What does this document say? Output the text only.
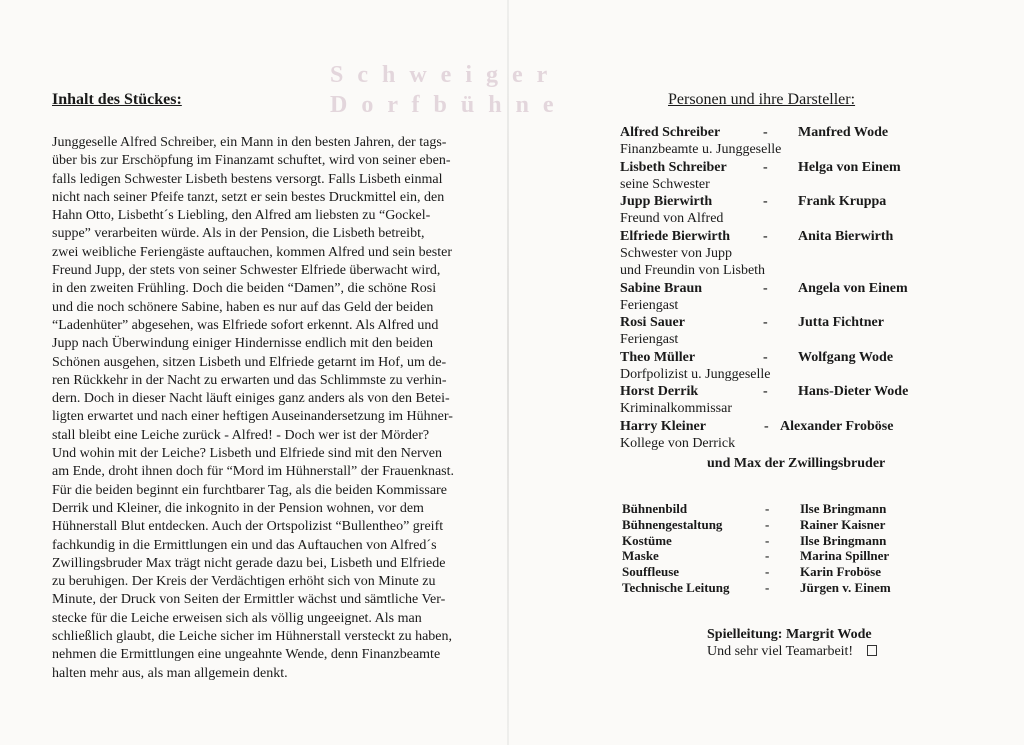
S c h w e i g e r
D o r f b ü h n e
Inhalt des Stückes:
Junggeselle Alfred Schreiber, ein Mann in den besten Jahren, der tags-
über bis zur Erschöpfung im Finanzamt schuftet, wird von seiner eben-
falls ledigen Schwester Lisbeth bestens versorgt. Falls Lisbeth einmal
nicht nach seiner Pfeife tanzt, setzt er sein bestes Druckmittel ein, den
Hahn Otto, Lisbetht´s Liebling, den Alfred am liebsten zu “Gockel-
suppe” verarbeiten würde. Als in der Pension, die Lisbeth betreibt,
zwei weibliche Feriengäste auftauchen, kommen Alfred und sein bester
Freund Jupp, der stets von seiner Schwester Elfriede überwacht wird,
in den zweiten Frühling. Doch die beiden “Damen”, die schöne Rosi
und die noch schönere Sabine, haben es nur auf das Geld der beiden
“Ladenhüter” abgesehen, was Elfriede sofort erkennt. Als Alfred und
Jupp nach Überwindung einiger Hindernisse endlich mit den beiden
Schönen ausgehen, sitzen Lisbeth und Elfriede getarnt im Hof, um de-
ren Rückkehr in der Nacht zu erwarten und das Schlimmste zu verhin-
dern. Doch in dieser Nacht läuft einiges ganz anders als von den Betei-
ligten erwartet und nach einer heftigen Auseinandersetzung im Hühner-
stall bleibt eine Leiche zurück - Alfred! - Doch wer ist der Mörder?
Und wohin mit der Leiche? Lisbeth und Elfriede sind mit den Nerven
am Ende, droht ihnen doch für “Mord im Hühnerstall” der Frauenknast.
Für die beiden beginnt ein furchtbarer Tag, als die beiden Kommissare
Derrik und Kleiner, die inkognito in der Pension wohnen, vor dem
Hühnerstall Blut entdecken. Auch der Ortspolizist “Bullentheo” greift
fachkundig in die Ermittlungen ein und das Auftauchen von Alfred´s
Zwillingsbruder Max trägt nicht gerade dazu bei, Lisbeth und Elfriede
zu beruhigen. Der Kreis der Verdächtigen erhöht sich von Minute zu
Minute, der Druck von Seiten der Ermittler wächst und sämtliche Ver-
stecke für die Leiche erweisen sich als völlig ungeeignet. Als man
schließlich glaubt, die Leiche sicher im Hühnerstall versteckt zu haben,
nehmen die Ermittlungen eine ungeahnte Wende, denn Finanzbeamte
halten mehr aus, als man allgemein denkt.
Personen und ihre Darsteller:
Alfred Schreiber	- Manfred Wode
Finanzbeamte u. Junggeselle
Lisbeth Schreiber	- Helga von Einem
seine Schwester
Jupp Bierwirth	- Frank Kruppa
Freund von Alfred
Elfriede Bierwirth - Anita Bierwirth
Schwester von Jupp
und Freundin von Lisbeth
Sabine Braun	- Angela von Einem
Feriengast
Rosi Sauer	- Jutta Fichtner
Feriengast
Theo Müller	- Wolfgang Wode
Dorfpolizist u. Junggeselle
Horst Derrik	- Hans-Dieter Wode
Kriminalkommissar
Harry Kleiner	- Alexander Froböse
Kollege von Derrick
und Max der Zwillingsbruder
Bühnenbild	- Ilse Bringmann
Bühnengestaltung	- Rainer Kaisner
Kostüme	- Ilse Bringmann
Maske	- Marina Spillner
Souffleuse	- Karin Froböse
Technische Leitung	- Jürgen v. Einem
Spielleitung: Margrit Wode
Und sehr viel Teamarbeit!
